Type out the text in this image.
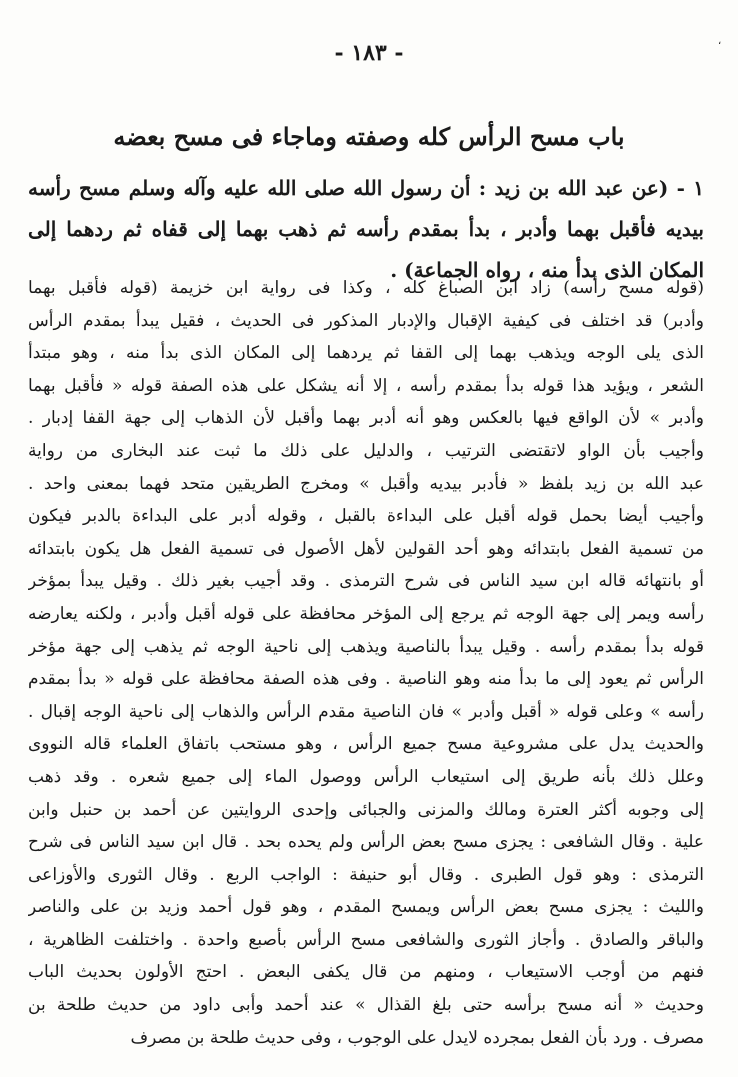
،
- ١٨٣ -
باب مسح الرأس كله وصفته وماجاء فى مسح بعضه
١ - (عن عبد الله بن زيد : أن رسول الله صلى الله عليه وآله وسلم مسح رأسه بيديه فأقبل بهما وأدبر ، بدأ بمقدم رأسه ثم ذهب بهما إلى قفاه ثم ردهما إلى المكان الذى بدأ منه ، رواه الجماعة) .
(قوله مسح رأسه) زاد ابن الصباغ كله ، وكذا فى رواية ابن خزيمة (قوله فأقبل بهما
وأدبر) قد اختلف فى كيفية الإقبال والإدبار المذكور فى الحديث ، فقيل يبدأ بمقدم الرأس
الذى يلى الوجه ويذهب بهما إلى القفا ثم يردهما إلى المكان الذى بدأ منه ، وهو مبتدأ
الشعر ، ويؤيد هذا قوله بدأ بمقدم رأسه ، إلا أنه يشكل على هذه الصفة قوله « فأقبل بهما
وأدبر » لأن الواقع فيها بالعكس وهو أنه أدبر بهما وأقبل لأن الذهاب إلى جهة القفا إدبار .
وأجيب بأن الواو لاتقتضى الترتيب ، والدليل على ذلك ما ثبت عند البخارى من رواية
عبد الله بن زيد بلفظ « فأدبر بيديه وأقبل » ومخرج الطريقين متحد فهما بمعنى واحد .
وأجيب أيضا بحمل قوله أقبل على البداءة بالقبل ، وقوله أدبر على البداءة بالدبر فيكون
من تسمية الفعل بابتدائه وهو أحد القولين لأهل الأصول فى تسمية الفعل هل يكون بابتدائه
أو بانتهائه قاله ابن سيد الناس فى شرح الترمذى . وقد أجيب بغير ذلك . وقيل يبدأ بمؤخر
رأسه ويمر إلى جهة الوجه ثم يرجع إلى المؤخر محافظة على قوله أقبل وأدبر ، ولكنه يعارضه
قوله بدأ بمقدم رأسه . وقيل يبدأ بالناصية ويذهب إلى ناحية الوجه ثم يذهب إلى جهة مؤخر
الرأس ثم يعود إلى ما بدأ منه وهو الناصية . وفى هذه الصفة محافظة على قوله « بدأ بمقدم
رأسه » وعلى قوله « أقبل وأدبر » فان الناصية مقدم الرأس والذهاب إلى ناحية الوجه إقبال .
والحديث يدل على مشروعية مسح جميع الرأس ، وهو مستحب باتفاق العلماء قاله النووى
وعلل ذلك بأنه طريق إلى استيعاب الرأس ووصول الماء إلى جميع شعره . وقد ذهب
إلى وجوبه أكثر العترة ومالك والمزنى والجبائى وإحدى الروايتين عن أحمد بن حنبل وابن
علية . وقال الشافعى : يجزى مسح بعض الرأس ولم يحده بحد . قال ابن سيد الناس فى شرح
الترمذى : وهو قول الطبرى . وقال أبو حنيفة : الواجب الربع . وقال الثورى والأوزاعى
والليث : يجزى مسح بعض الرأس ويمسح المقدم ، وهو قول أحمد وزيد بن على والناصر
والباقر والصادق . وأجاز الثورى والشافعى مسح الرأس بأصبع واحدة . واختلفت الظاهرية ،
فنهم من أوجب الاستيعاب ، ومنهم من قال يكفى البعض . احتج الأولون بحديث الباب
وحديث « أنه مسح برأسه حتى بلغ القذال » عند أحمد وأبى داود من حديث طلحة بن
مصرف . ورد بأن الفعل بمجرده لايدل على الوجوب ، وفى حديث طلحة بن مصرف
